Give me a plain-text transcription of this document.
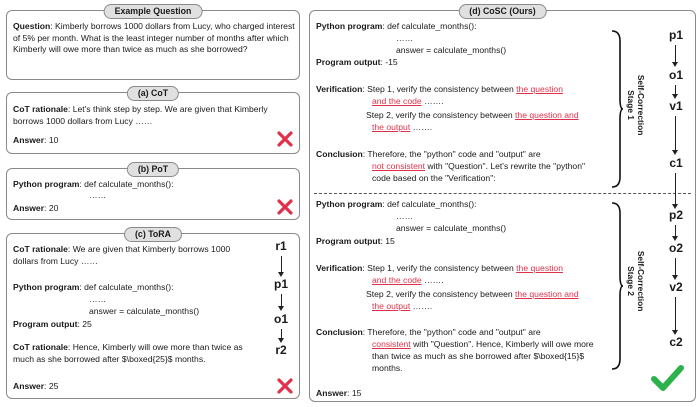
Example Question
Question: Kimberly borrows 1000 dollars from Lucy, who charged interest of 5% per month. What is the least integer number of months after which Kimberly will owe more than twice as much as she borrowed?
(a) CoT
CoT rationale: Let's think step by step. We are given that Kimberly borrows 1000 dollars from Lucy ……
Answer: 10
(b) PoT
Python program: def calculate_months():
……
Answer: 20
(c) ToRA
CoT rationale: We are given that Kimberly borrows 1000 dollars from Lucy ……
Python program: def calculate_months():
……
answer = calculate_months()
Program output: 25
CoT rationale: Hence, Kimberly will owe more than twice as much as she borrowed after $\boxed{25}$ months.
Answer: 25
r1
p1
o1
r2
(d) CoSC (Ours)
Python program: def calculate_months():
……
answer = calculate_months()
Program output: -15
Verification: Step 1, verify the consistency between the question
and the code …….
Step 2, verify the consistency between the question and
the output …….
Conclusion: Therefore, the "python" code and "output" are
not consistent with "Question". Let's rewrite the "python"
code based on the "Verification":
Python program: def calculate_months():
……
answer = calculate_months()
Program output: 15
Verification: Step 1, verify the consistency between the question
and the code …….
Step 2, verify the consistency between the question and
the output …….
Conclusion: Therefore, the "python" code and "output" are
consistent with "Question". Hence, Kimberly will owe more
than twice as much as she borrowed after $\boxed{15}$
months.
Answer: 15
Self-Correction
Stage 1
Self-Correction
Stage 2
p1
o1
v1
c1
p2
o2
v2
c2
